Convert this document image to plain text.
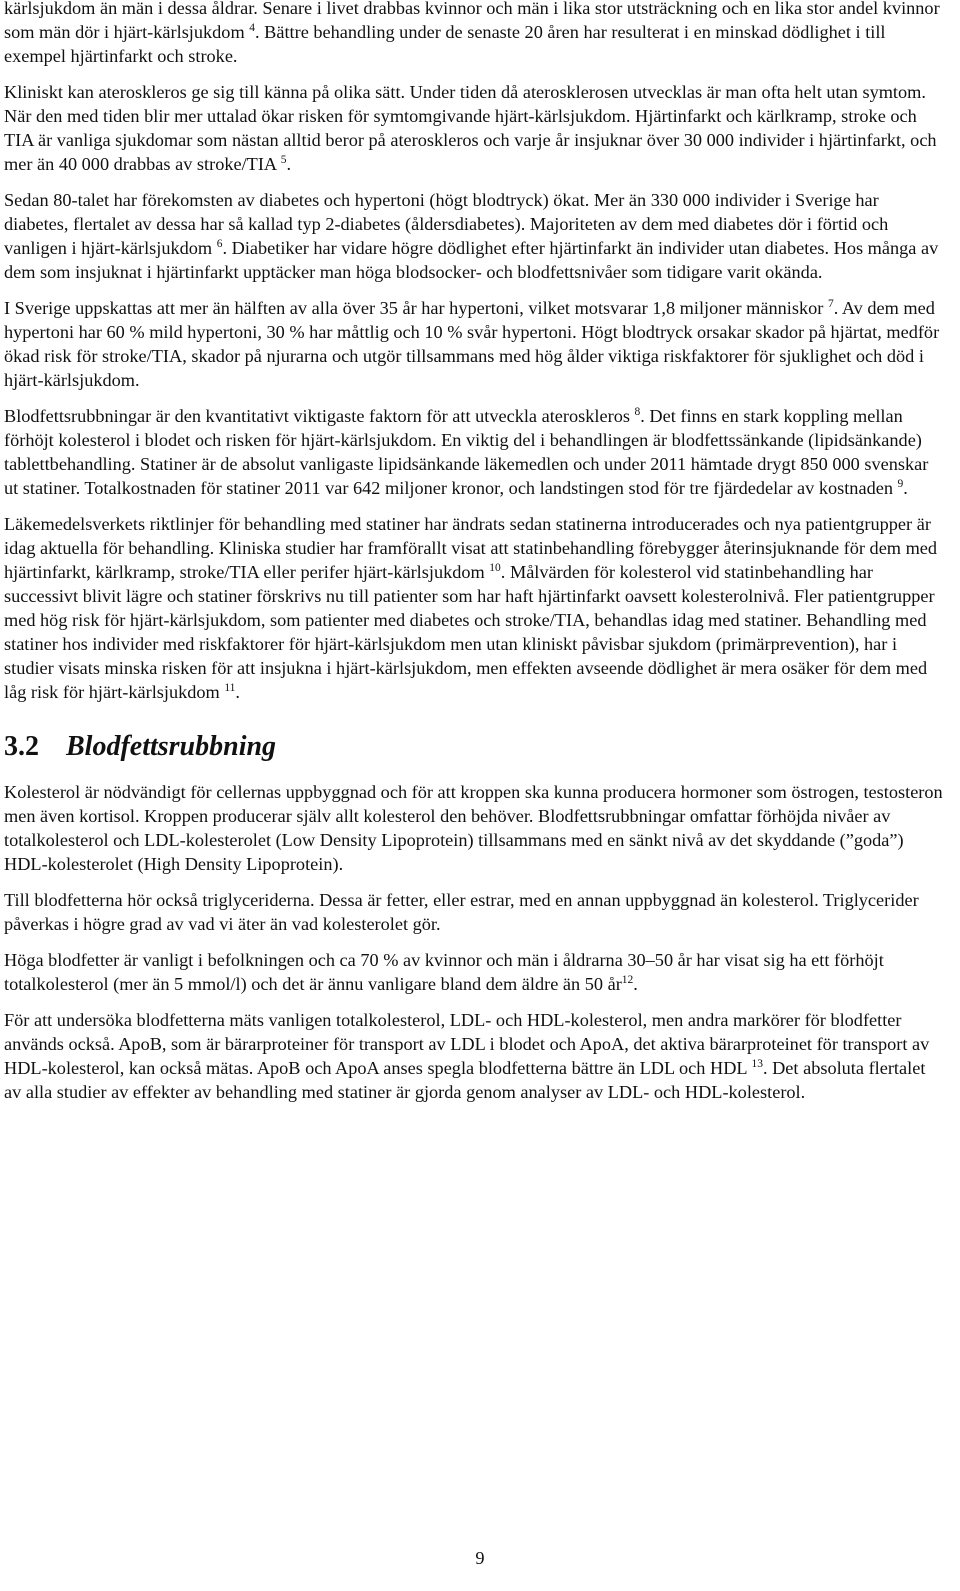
kärlsjukdom än män i dessa åldrar. Senare i livet drabbas kvinnor och män i lika stor utsträckning och en lika stor andel kvinnor som män dör i hjärt-kärlsjukdom $^4$. Bättre behandling under de senaste 20 åren har resulterat i en minskad dödlighet i till exempel hjärtinfarkt och stroke.

Kliniskt kan ateroskleros ge sig till känna på olika sätt. Under tiden då aterosklerosen utvecklas är man ofta helt utan symtom. När den med tiden blir mer uttalad ökar risken för symtomgivande hjärt-kärlsjukdom. Hjärtinfarkt och kärlkramp, stroke och TIA är vanliga sjukdomar som nästan alltid beror på ateroskleros och varje år insjuknar över 30 000 individer i hjärtinfarkt, och mer än 40 000 drabbas av stroke/TIA $^5$.

Sedan 80-talet har förekomsten av diabetes och hypertoni (högt blodtryck) ökat. Mer än 330 000 individer i Sverige har diabetes, flertalet av dessa har så kallad typ 2-diabetes (åldersdiabetes). Majoriteten av dem med diabetes dör i förtid och vanligen i hjärt-kärlsjukdom $^6$. Diabetiker har vidare högre dödlighet efter hjärtinfarkt än individer utan diabetes. Hos många av dem som insjuknat i hjärtinfarkt upptäcker man höga blodsocker- och blodfettsnivåer som tidigare varit okända.

I Sverige uppskattas att mer än hälften av alla över 35 år har hypertoni, vilket motsvarar 1,8 miljoner människor $^7$. Av dem med hypertoni har 60 % mild hypertoni, 30 % har måttlig och 10 % svår hypertoni. Högt blodtryck orsakar skador på hjärtat, medför ökad risk för stroke/TIA, skador på njurarna och utgör tillsammans med hög ålder viktiga riskfaktorer för sjuklighet och död i hjärt-kärlsjukdom.

Blodfettsrubbningar är den kvantitativt viktigaste faktorn för att utveckla ateroskleros $^8$. Det finns en stark koppling mellan förhöjt kolesterol i blodet och risken för hjärt-kärlsjukdom. En viktig del i behandlingen är blodfettssänkande (lipidsänkande) tablettbehandling. Statiner är de absolut vanligaste lipidsänkande läkemedlen och under 2011 hämtade drygt 850 000 svenskar ut statiner. Totalkostnaden för statiner 2011 var 642 miljoner kronor, och landstingen stod för tre fjärdedelar av kostnaden $^9$.

Läkemedelsverkets riktlinjer för behandling med statiner har ändrats sedan statinerna introducerades och nya patientgrupper är idag aktuella för behandling. Kliniska studier har framförallt visat att statinbehandling förebygger återinsjuknande för dem med hjärtinfarkt, kärlkramp, stroke/TIA eller perifer hjärt-kärlsjukdom $^{10}$. Målvärden för kolesterol vid statinbehandling har successivt blivit lägre och statiner förskrivs nu till patienter som har haft hjärtinfarkt oavsett kolesterolnivå. Fler patientgrupper med hög risk för hjärt-kärlsjukdom, som patienter med diabetes och stroke/TIA, behandlas idag med statiner. Behandling med statiner hos individer med riskfaktorer för hjärt-kärlsjukdom men utan kliniskt påvisbar sjukdom (primärprevention), har i studier visats minska risken för att insjukna i hjärt-kärlsjukdom, men effekten avseende dödlighet är mera osäker för dem med låg risk för hjärt-kärlsjukdom $^{11}$.

3.2 Blodfettsrubbning

Kolesterol är nödvändigt för cellernas uppbyggnad och för att kroppen ska kunna producera hormoner som östrogen, testosteron men även kortisol. Kroppen producerar själv allt kolesterol den behöver. Blodfettsrubbningar omfattar förhöjda nivåer av totalkolesterol och LDL-kolesterolet (Low Density Lipoprotein) tillsammans med en sänkt nivå av det skyddande (”goda”) HDL-kolesterolet (High Density Lipoprotein).

Till blodfetterna hör också triglyceriderna. Dessa är fetter, eller estrar, med en annan uppbyggnad än kolesterol. Triglycerider påverkas i högre grad av vad vi äter än vad kolesterolet gör.

Höga blodfetter är vanligt i befolkningen och ca 70 % av kvinnor och män i åldrarna 30–50 år har visat sig ha ett förhöjt totalkolesterol (mer än 5 mmol/l) och det är ännu vanligare bland dem äldre än 50 $år^{12}$.

För att undersöka blodfetterna mäts vanligen totalkolesterol, LDL- och HDL-kolesterol, men andra markörer för blodfetter används också. ApoB, som är bärarproteiner för transport av LDL i blodet och ApoA, det aktiva bärarproteinet för transport av HDL-kolesterol, kan också mätas. ApoB och ApoA anses spegla blodfetterna bättre än LDL och HDL $^{13}$. Det absoluta flertalet av alla studier av effekter av behandling med statiner är gjorda genom analyser av LDL- och HDL-kolesterol.

9
